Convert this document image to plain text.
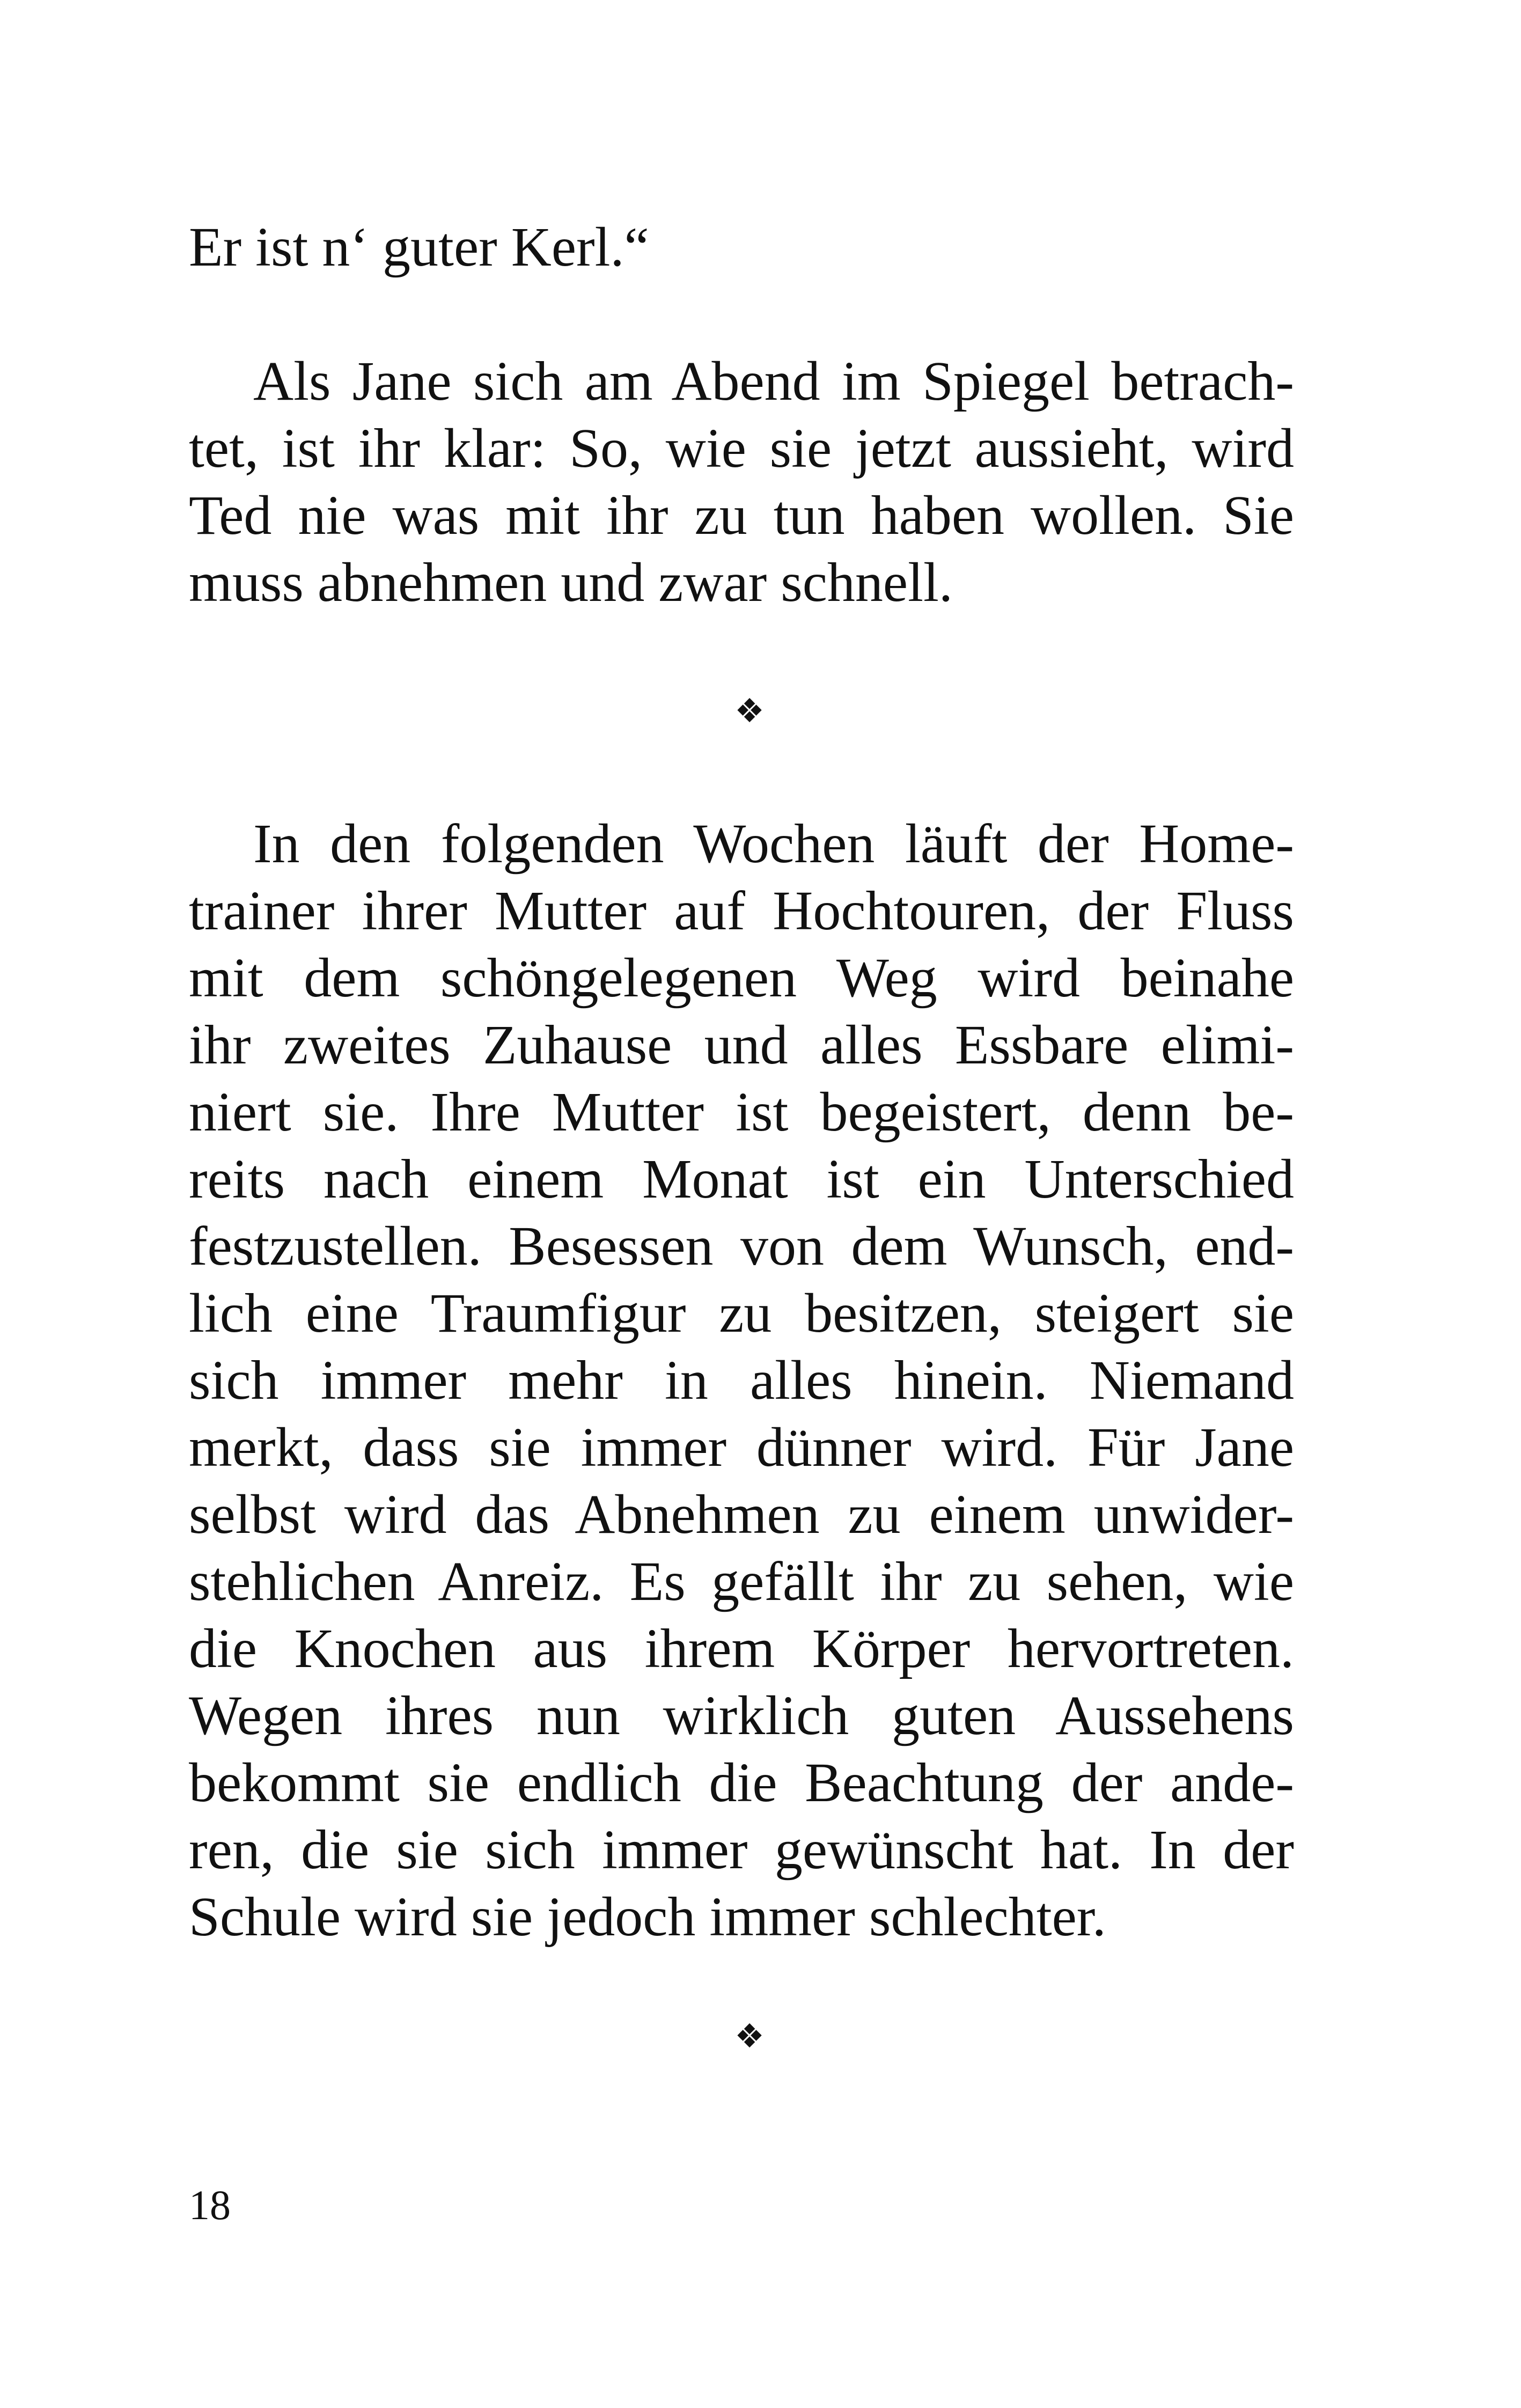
Er ist n‘ guter Kerl.“

Als Jane sich am Abend im Spiegel betrach-
tet, ist ihr klar: So, wie sie jetzt aussieht, wird
Ted nie was mit ihr zu tun haben wollen. Sie
muss abnehmen und zwar schnell.
❖
In den folgenden Wochen läuft der Home-
trainer ihrer Mutter auf Hochtouren, der Fluss
mit dem schöngelegenen Weg wird beinahe
ihr zweites Zuhause und alles Essbare elimi-
niert sie. Ihre Mutter ist begeistert, denn be-
reits nach einem Monat ist ein Unterschied
festzustellen. Besessen von dem Wunsch, end-
lich eine Traumfigur zu besitzen, steigert sie
sich immer mehr in alles hinein. Niemand
merkt, dass sie immer dünner wird. Für Jane
selbst wird das Abnehmen zu einem unwider-
stehlichen Anreiz. Es gefällt ihr zu sehen, wie
die Knochen aus ihrem Körper hervortreten.
Wegen ihres nun wirklich guten Aussehens
bekommt sie endlich die Beachtung der ande-
ren, die sie sich immer gewünscht hat. In der
Schule wird sie jedoch immer schlechter.
❖
18
